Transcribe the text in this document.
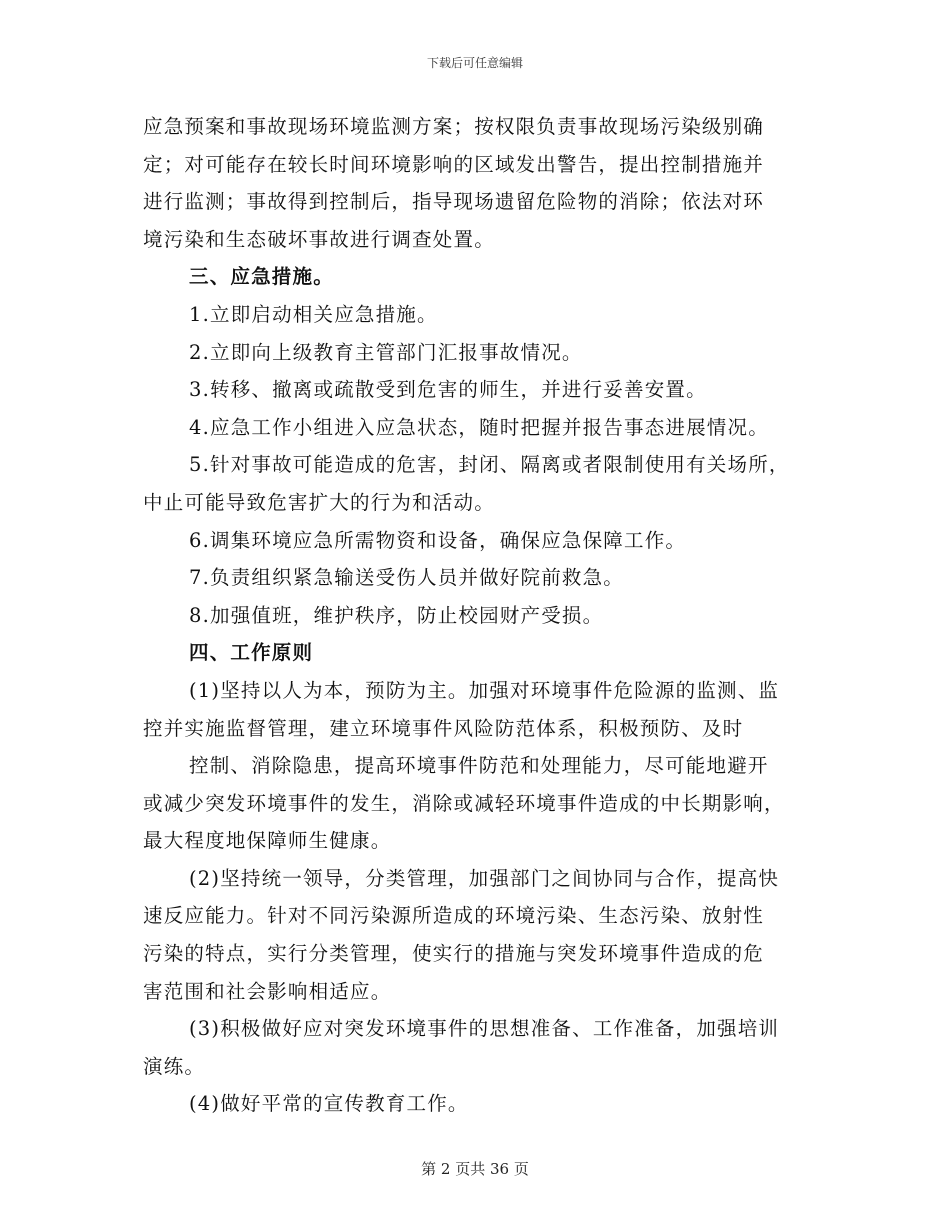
下载后可任意编辑

应急预案和事故现场环境监测方案；按权限负责事故现场污染级别确

定；对可能存在较长时间环境影响的区域发出警告，提出控制措施并

进行监测；事故得到控制后，指导现场遗留危险物的消除；依法对环

境污染和生态破坏事故进行调查处置。

三、应急措施。

1.立即启动相关应急措施。

2.立即向上级教育主管部门汇报事故情况。

3.转移、撤离或疏散受到危害的师生，并进行妥善安置。

4.应急工作小组进入应急状态，随时把握并报告事态进展情况。

5.针对事故可能造成的危害，封闭、隔离或者限制使用有关场所，

中止可能导致危害扩大的行为和活动。

6.调集环境应急所需物资和设备，确保应急保障工作。

7.负责组织紧急输送受伤人员并做好院前救急。

8.加强值班，维护秩序，防止校园财产受损。

四、工作原则

(1)坚持以人为本，预防为主。加强对环境事件危险源的监测、监

控并实施监督管理，建立环境事件风险防范体系，积极预防、及时

控制、消除隐患，提高环境事件防范和处理能力，尽可能地避开

或减少突发环境事件的发生，消除或减轻环境事件造成的中长期影响，

最大程度地保障师生健康。

(2)坚持统一领导，分类管理，加强部门之间协同与合作，提高快

速反应能力。针对不同污染源所造成的环境污染、生态污染、放射性

污染的特点，实行分类管理，使实行的措施与突发环境事件造成的危

害范围和社会影响相适应。

(3)积极做好应对突发环境事件的思想准备、工作准备，加强培训

演练。

(4)做好平常的宣传教育工作。

第 2 页共 36 页
